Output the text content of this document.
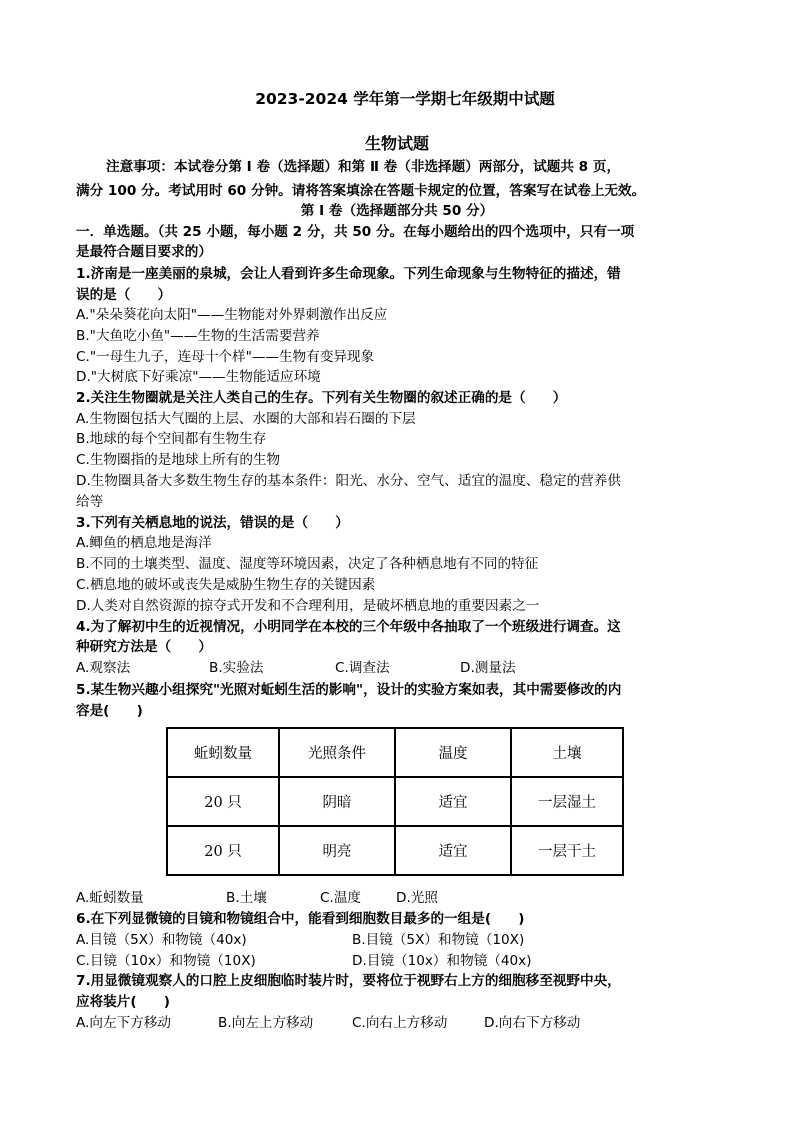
2023-2024 学年第一学期七年级期中试题
生物试题
注意事项：本试卷分第 Ⅰ 卷（选择题）和第 Ⅱ 卷（非选择题）两部分，试题共 8 页，
满分 100 分。考试用时 60 分钟。请将答案填涂在答题卡规定的位置，答案写在试卷上无效。
第 Ⅰ 卷（选择题部分共 50 分）
一．单选题。（共 25 小题，每小题 2 分，共 50 分。在每小题给出的四个选项中，只有一项
是最符合题目要求的）
1.济南是一座美丽的泉城，会让人看到许多生命现象。下列生命现象与生物特征的描述，错
误的是（　　）
A."朵朵葵花向太阳"——生物能对外界刺激作出反应
B."大鱼吃小鱼"——生物的生活需要营养
C."一母生九子，连母十个样"——生物有变异现象
D."大树底下好乘凉"——生物能适应环境
2.关注生物圈就是关注人类自己的生存。下列有关生物圈的叙述正确的是（　　）
A.生物圈包括大气圈的上层、水圈的大部和岩石圈的下层
B.地球的每个空间都有生物生存
C.生物圈指的是地球上所有的生物
D.生物圈具备大多数生物生存的基本条件：阳光、水分、空气、适宜的温度、稳定的营养供
给等
3.下列有关栖息地的说法，错误的是（　　）
A.鲫鱼的栖息地是海洋
B.不同的土壤类型、温度、湿度等环境因素，决定了各种栖息地有不同的特征
C.栖息地的破坏或丧失是威胁生物生存的关键因素
D.人类对自然资源的掠夺式开发和不合理利用，是破坏栖息地的重要因素之一
4.为了解初中生的近视情况，小明同学在本校的三个年级中各抽取了一个班级进行调查。这
种研究方法是（　　）
A.观察法	B.实验法	C.调查法	D.测量法
5.某生物兴趣小组探究"光照对蚯蚓生活的影响"，设计的实验方案如表，其中需要修改的内
容是(　　)
蚯蚓数量	光照条件	温度	土壤
20 只	阴暗	适宜	一层湿土
20 只	明亮	适宜	一层干土
A.蚯蚓数量	B.土壤	C.温度	D.光照
6.在下列显微镜的目镜和物镜组合中，能看到细胞数目最多的一组是(　　)
A.目镜（5X）和物镜（40x)	B.目镜（5X）和物镜（10X)
C.目镜（10x）和物镜（10X)	D.目镜（10x）和物镜（40x)
7.用显微镜观察人的口腔上皮细胞临时装片时，要将位于视野右上方的细胞移至视野中央，
应将装片(　　)
A.向左下方移动	B.向左上方移动	C.向右上方移动	D.向右下方移动
